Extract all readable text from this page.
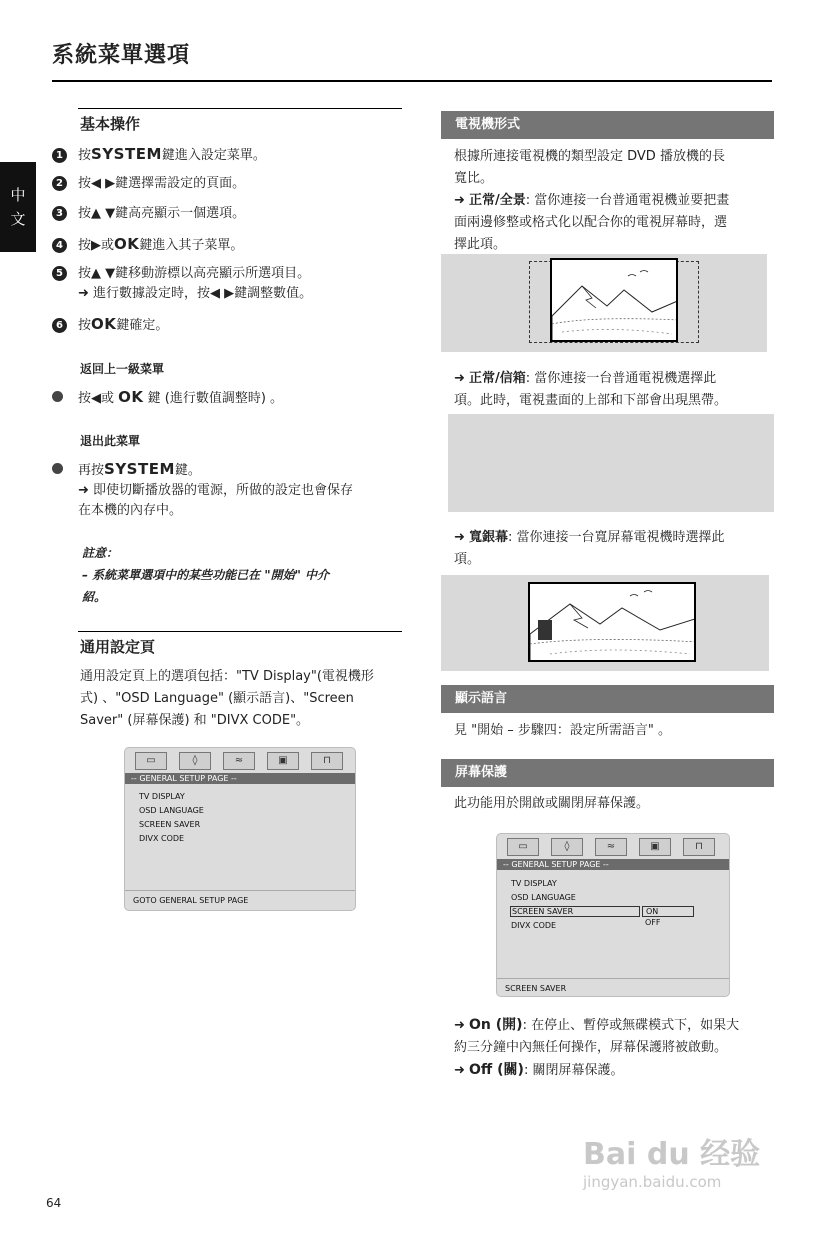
系統菜單選項
中
文
基本操作
1 按SYSTEM鍵進入設定菜單。
2 按◀ ▶鍵選擇需設定的頁面。
3 按▲ ▼鍵高亮顯示一個選項。
4 按▶或OK鍵進入其子菜單。
5 按▲ ▼鍵移動游標以高亮顯示所選項目。
➜ 進行數據設定時，按◀ ▶鍵調整數值。
6 按OK鍵確定。
返回上一級菜單
按◀或 OK 鍵 (進行數值調整時) 。
退出此菜單
再按SYSTEM鍵。
➜ 即使切斷播放器的電源，所做的設定也會保存
在本機的內存中。
註意：
– 系統菜單選項中的某些功能已在 "開始" 中介
紹。
通用設定頁
通用設定頁上的選項包括："TV Display"(電視機形
式) 、"OSD Language" (顯示語言)、"Screen
Saver" (屏幕保護) 和 "DIVX CODE"。
▭	◊	≈	▣	⊓
-- GENERAL SETUP PAGE --
TV DISPLAY
OSD LANGUAGE
SCREEN SAVER
DIVX CODE
GOTO GENERAL SETUP PAGE
電視機形式
根據所連接電視機的類型設定 DVD 播放機的長
寬比。
➜ 正常/全景: 當你連接一台普通電視機並要把畫
面兩邊修整或格式化以配合你的電視屏幕時，選
擇此項。
➜ 正常/信箱: 當你連接一台普通電視機選擇此
項。此時，電視畫面的上部和下部會出現黑帶。
➜ 寬銀幕: 當你連接一台寬屏幕電視機時選擇此
項。
顯示語言
見 "開始 – 步驟四：設定所需語言" 。
屏幕保護
此功能用於開啟或關閉屏幕保護。
▭	◊	≈	▣	⊓
-- GENERAL SETUP PAGE --
TV DISPLAY
OSD LANGUAGE
SCREEN SAVER
DIVX CODE
ON
OFF
SCREEN SAVER
➜ On (開): 在停止、暫停或無碟模式下，如果大
約三分鐘中內無任何操作，屏幕保護將被啟動。
➜ Off (關): 關閉屏幕保護。
64
Bai du 经验
jingyan.baidu.com
